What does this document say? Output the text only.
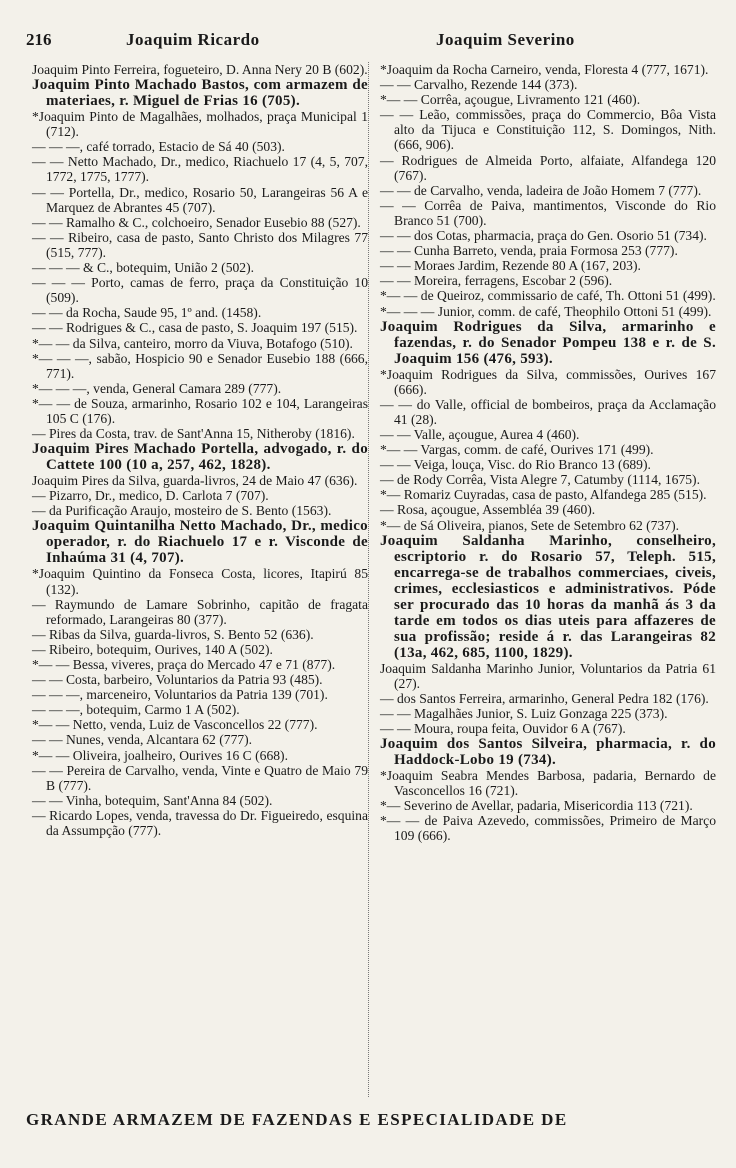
216	Joaquim Ricardo	Joaquim Severino

Joaquim Pinto Ferreira, fogueteiro, D. Anna Nery 20 B (602).

Joaquim Pinto Machado Bastos, com armazem de materiaes, r. Miguel de Frias 16 (705).

*Joaquim Pinto de Magalhães, molhados, praça Municipal 1 (712).

— — —, café torrado, Estacio de Sá 40 (503).

— — Netto Machado, Dr., medico, Riachuelo 17 (4, 5, 707, 1772, 1775, 1777).

— — Portella, Dr., medico, Rosario 50, Larangeiras 56 A e Marquez de Abrantes 45 (707).

— — Ramalho & C., colchoeiro, Senador Eusebio 88 (527).

— — Ribeiro, casa de pasto, Santo Christo dos Milagres 77 (515, 777).

— — — & C., botequim, União 2 (502).

— — — Porto, camas de ferro, praça da Constituição 10 (509).

— — da Rocha, Saude 95, 1º and. (1458).

— — Rodrigues & C., casa de pasto, S. Joaquim 197 (515).

*— — da Silva, canteiro, morro da Viuva, Botafogo (510).

*— — —, sabão, Hospicio 90 e Senador Eusebio 188 (666, 771).

*— — —, venda, General Camara 289 (777).

*— — de Souza, armarinho, Rosario 102 e 104, Larangeiras 105 C (176).

— Pires da Costa, trav. de Sant'Anna 15, Nitheroby (1816).

Joaquim Pires Machado Portella, advogado, r. do Cattete 100 (10 a, 257, 462, 1828).

Joaquim Pires da Silva, guarda-livros, 24 de Maio 47 (636).

— Pizarro, Dr., medico, D. Carlota 7 (707).

— da Purificação Araujo, mosteiro de S. Bento (1563).

Joaquim Quintanilha Netto Machado, Dr., medico operador, r. do Riachuelo 17 e r. Visconde de Inhaúma 31 (4, 707).

*Joaquim Quintino da Fonseca Costa, licores, Itapirú 85 (132).

— Raymundo de Lamare Sobrinho, capitão de fragata reformado, Larangeiras 80 (377).

— Ribas da Silva, guarda-livros, S. Bento 52 (636).

— Ribeiro, botequim, Ourives, 140 A (502).

*— — Bessa, viveres, praça do Mercado 47 e 71 (877).

— — Costa, barbeiro, Voluntarios da Patria 93 (485).

— — —, marceneiro, Voluntarios da Patria 139 (701).

— — —, botequim, Carmo 1 A (502).

*— — Netto, venda, Luiz de Vasconcellos 22 (777).

— — Nunes, venda, Alcantara 62 (777).

*— — Oliveira, joalheiro, Ourives 16 C (668).

— — Pereira de Carvalho, venda, Vinte e Quatro de Maio 79 B (777).

— — Vinha, botequim, Sant'Anna 84 (502).

— Ricardo Lopes, venda, travessa do Dr. Figueiredo, esquina da Assumpção (777).

*Joaquim da Rocha Carneiro, venda, Floresta 4 (777, 1671).

— — Carvalho, Rezende 144 (373).

*— — Corrêa, açougue, Livramento 121 (460).

— — Leão, commissões, praça do Commercio, Bôa Vista alto da Tijuca e Constituição 112, S. Domingos, Nith. (666, 906).

— Rodrigues de Almeida Porto, alfaiate, Alfandega 120 (767).

— — de Carvalho, venda, ladeira de João Homem 7 (777).

— — Corrêa de Paiva, mantimentos, Visconde do Rio Branco 51 (700).

— — dos Cotas, pharmacia, praça do Gen. Osorio 51 (734).

— — Cunha Barreto, venda, praia Formosa 253 (777).

— — Moraes Jardim, Rezende 80 A (167, 203).

— — Moreira, ferragens, Escobar 2 (596).

*— — de Queiroz, commissario de café, Th. Ottoni 51 (499).

*— — — Junior, comm. de café, Theophilo Ottoni 51 (499).

Joaquim Rodrigues da Silva, armarinho e fazendas, r. do Senador Pompeu 138 e r. de S. Joaquim 156 (476, 593).

*Joaquim Rodrigues da Silva, commissões, Ourives 167 (666).

— — do Valle, official de bombeiros, praça da Acclamação 41 (28).

— — Valle, açougue, Aurea 4 (460).

*— — Vargas, comm. de café, Ourives 171 (499).

— — Veiga, louça, Visc. do Rio Branco 13 (689).

— de Rody Corrêa, Vista Alegre 7, Catumby (1114, 1675).

*— Romariz Cuyradas, casa de pasto, Alfandega 285 (515).

— Rosa, açougue, Assembléa 39 (460).

*— de Sá Oliveira, pianos, Sete de Setembro 62 (737).

Joaquim Saldanha Marinho, conselheiro, escriptorio r. do Rosario 57, Teleph. 515, encarrega-se de trabalhos commerciaes, civeis, crimes, ecclesiasticos e administrativos. Póde ser procurado das 10 horas da manhã ás 3 da tarde em todos os dias uteis para affazeres de sua profissão; reside á r. das Larangeiras 82 (13a, 462, 685, 1100, 1829).

Joaquim Saldanha Marinho Junior, Voluntarios da Patria 61 (27).

— dos Santos Ferreira, armarinho, General Pedra 182 (176).

— — Magalhães Junior, S. Luiz Gonzaga 225 (373).

— — Moura, roupa feita, Ouvidor 6 A (767).

Joaquim dos Santos Silveira, pharmacia, r. do Haddock-Lobo 19 (734).

*Joaquim Seabra Mendes Barbosa, padaria, Bernardo de Vasconcellos 16 (721).

*— Severino de Avellar, padaria, Misericordia 113 (721).

*— — de Paiva Azevedo, commissões, Primeiro de Março 109 (666).

GRANDE ARMAZEM DE FAZENDAS E ESPECIALIDADE DE
